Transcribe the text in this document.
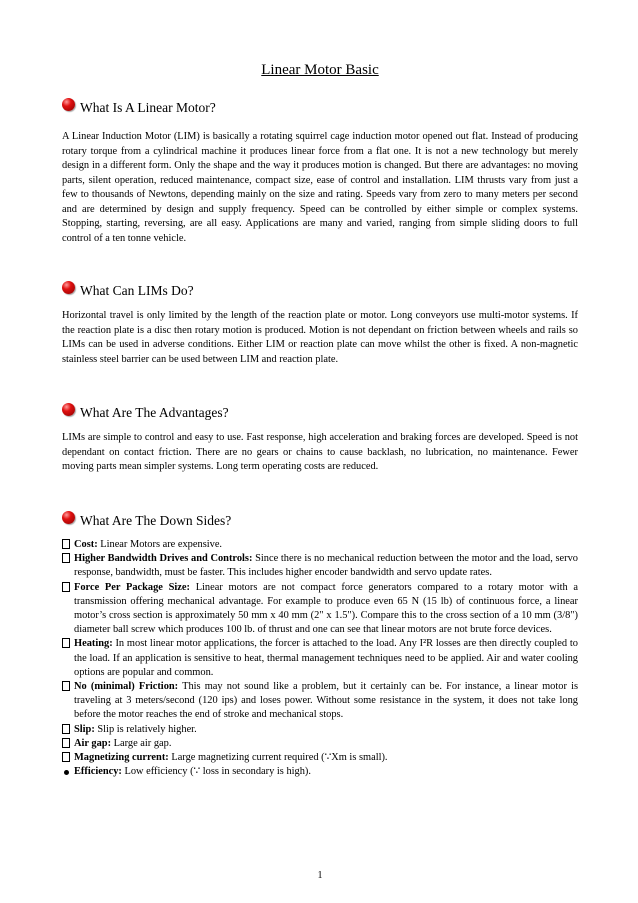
Linear Motor Basic
What Is A Linear Motor?
A Linear Induction Motor (LIM) is basically a rotating squirrel cage induction motor opened out flat. Instead of producing rotary torque from a cylindrical machine it produces linear force from a flat one. It is not a new technology but merely design in a different form. Only the shape and the way it produces motion is changed. But there are advantages: no moving parts, silent operation, reduced maintenance, compact size, ease of control and installation. LIM thrusts vary from just a few to thousands of Newtons, depending mainly on the size and rating. Speeds vary from zero to many meters per second and are determined by design and supply frequency. Speed can be controlled by either simple or complex systems. Stopping, starting, reversing, are all easy. Applications are many and varied, ranging from simple sliding doors to full control of a ten tonne vehicle.
What Can LIMs Do?
Horizontal travel is only limited by the length of the reaction plate or motor. Long conveyors use multi-motor systems. If the reaction plate is a disc then rotary motion is produced. Motion is not dependant on friction between wheels and rails so LIMs can be used in adverse conditions. Either LIM or reaction plate can move whilst the other is fixed. A non-magnetic stainless steel barrier can be used between LIM and reaction plate.
What Are The Advantages?
LIMs are simple to control and easy to use. Fast response, high acceleration and braking forces are developed. Speed is not dependant on contact friction. There are no gears or chains to cause backlash, no lubrication, no maintenance. Fewer moving parts mean simpler systems. Long term operating costs are reduced.
What Are The Down Sides?
Cost: Linear Motors are expensive.
Higher Bandwidth Drives and Controls: Since there is no mechanical reduction between the motor and the load, servo response, bandwidth, must be faster. This includes higher encoder bandwidth and servo update rates.
Force Per Package Size: Linear motors are not compact force generators compared to a rotary motor with a transmission offering mechanical advantage. For example to produce even 65 N (15 lb) of continuous force, a linear motor’s cross section is approximately 50 mm x 40 mm (2" x 1.5"). Compare this to the cross section of a 10 mm (3/8") diameter ball screw which produces 100 lb. of thrust and one can see that linear motors are not brute force devices.
Heating: In most linear motor applications, the forcer is attached to the load. Any I²R losses are then directly coupled to the load. If an application is sensitive to heat, thermal management techniques need to be applied. Air and water cooling options are popular and common.
No (minimal) Friction: This may not sound like a problem, but it certainly can be. For instance, a linear motor is traveling at 3 meters/second (120 ips) and loses power. Without some resistance in the system, it does not take long before the motor reaches the end of stroke and mechanical stops.
Slip: Slip is relatively higher.
Air gap: Large air gap.
Magnetizing current: Large magnetizing current required (∵Xm is small).
Efficiency: Low efficiency (∵ loss in secondary is high).
1
